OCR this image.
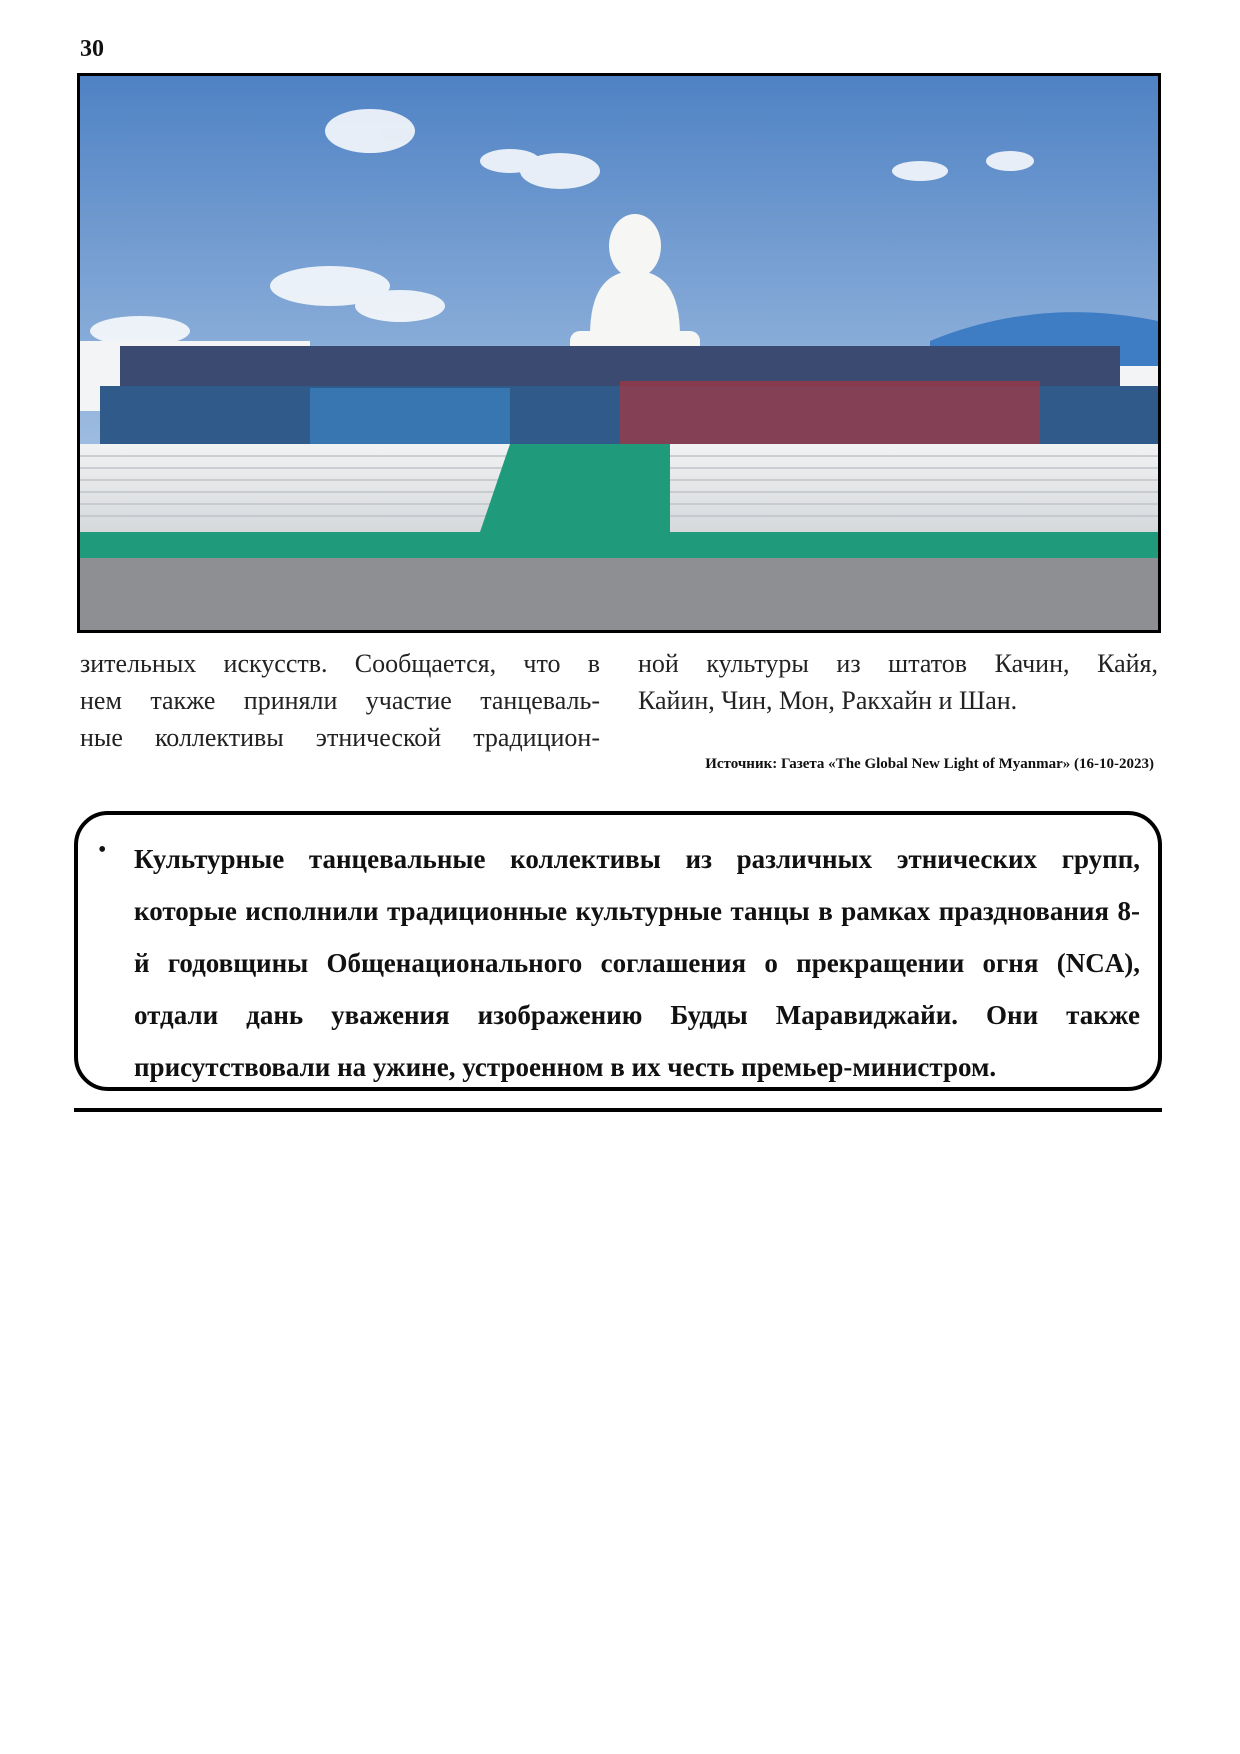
30
зительных искусств. Сообщается, что в
нем также приняли участие танцеваль-
ные коллективы этнической традицион-
ной культуры из штатов Качин, Кайя,
Кайин, Чин, Мон, Ракхайн и Шан.
Источник: Газета «The Global New Light of Myanmar» (16-10-2023)
• Культурные танцевальные коллективы из различных этнических групп, которые исполнили традиционные культурные танцы в рамках празднования 8-й годовщины Общенационального соглашения о прекращении огня (NCA), отдали дань уважения изображению Будды Маравиджайи. Они также присутствовали на ужине, устроенном в их честь премьер-министром.
